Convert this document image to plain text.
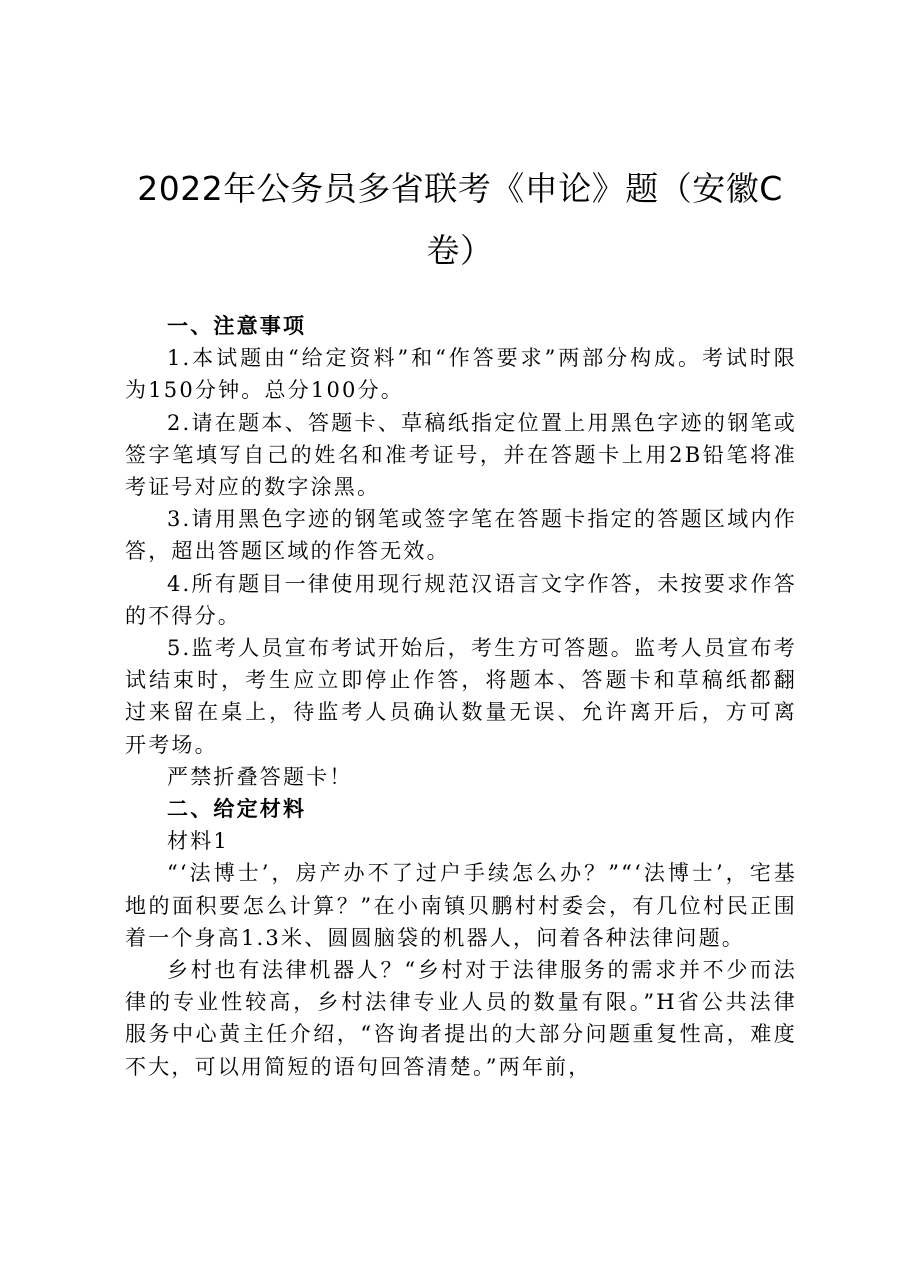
2022年公务员多省联考《申论》题（安徽C卷）

一、注意事项

1.本试题由“给定资料”和“作答要求”两部分构成。考试时限为150分钟。总分100分。

2.请在题本、答题卡、草稿纸指定位置上用黑色字迹的钢笔或签字笔填写自己的姓名和准考证号，并在答题卡上用2B铅笔将准考证号对应的数字涂黑。

3.请用黑色字迹的钢笔或签字笔在答题卡指定的答题区域内作答，超出答题区域的作答无效。

4.所有题目一律使用现行规范汉语言文字作答，未按要求作答的不得分。

5.监考人员宣布考试开始后，考生方可答题。监考人员宣布考试结束时，考生应立即停止作答，将题本、答题卡和草稿纸都翻过来留在桌上，待监考人员确认数量无误、允许离开后，方可离开考场。

严禁折叠答题卡！

二、给定材料

材料1

“‘法博士’，房产办不了过户手续怎么办？”“‘法博士’，宅基地的面积要怎么计算？”在小南镇贝鹏村村委会，有几位村民正围着一个身高1.3米、圆圆脑袋的机器人，问着各种法律问题。

乡村也有法律机器人？“乡村对于法律服务的需求并不少而法律的专业性较高，乡村法律专业人员的数量有限。”H省公共法律服务中心黄主任介绍，“咨询者提出的大部分问题重复性高，难度不大，可以用简短的语句回答清楚。”两年前，
